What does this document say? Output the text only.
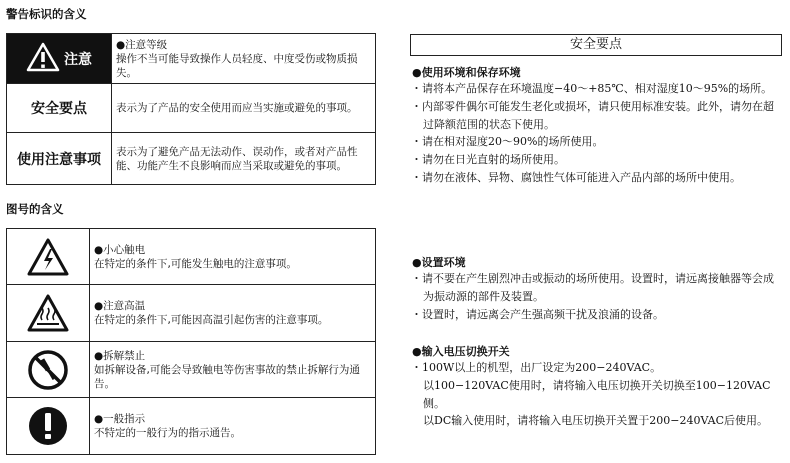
警告标识的含义
注意	●注意等级
操作不当可能导致操作人员轻度、中度受伤或物质损失。

安全要点	表示为了产品的安全使用而应当实施或避免的事项。
使用注意事项	表示为了避免产品无法动作、误动作，或者对产品性能、功能产生不良影响而应当采取或避免的事项。
图号的含义

●小心触电
在特定的条件下,可能发生触电的注意事项。

●注意高温
在特定的条件下,可能因高温引起伤害的注意事项。

●拆解禁止
如拆解设备,可能会导致触电等伤害事故的禁止拆解行为通告。

●一般指示
不特定的一般行为的指示通告。
安全要点
●使用环境和保存环境

・请将本产品保存在环境温度−40～+85℃、相对湿度10～95%的场所。

・内部零件偶尔可能发生老化或损坏，请只使用标准安装。此外，请勿在超过降额范围的状态下使用。

・请在相对湿度20～90%的场所使用。

・请勿在日光直射的场所使用。

・请勿在液体、异物、腐蚀性气体可能进入产品内部的场所中使用。

●设置环境

・请不要在产生剧烈冲击或振动的场所使用。设置时，请远离接触器等会成为振动源的部件及装置。

・设置时，请远离会产生强高频干扰及浪涌的设备。

●输入电压切换开关

・100W以上的机型，出厂设定为200−240VAC。

以100−120VAC使用时，请将输入电压切换开关切换至100−120VAC侧。

以DC输入使用时，请将输入电压切换开关置于200−240VAC后使用。
